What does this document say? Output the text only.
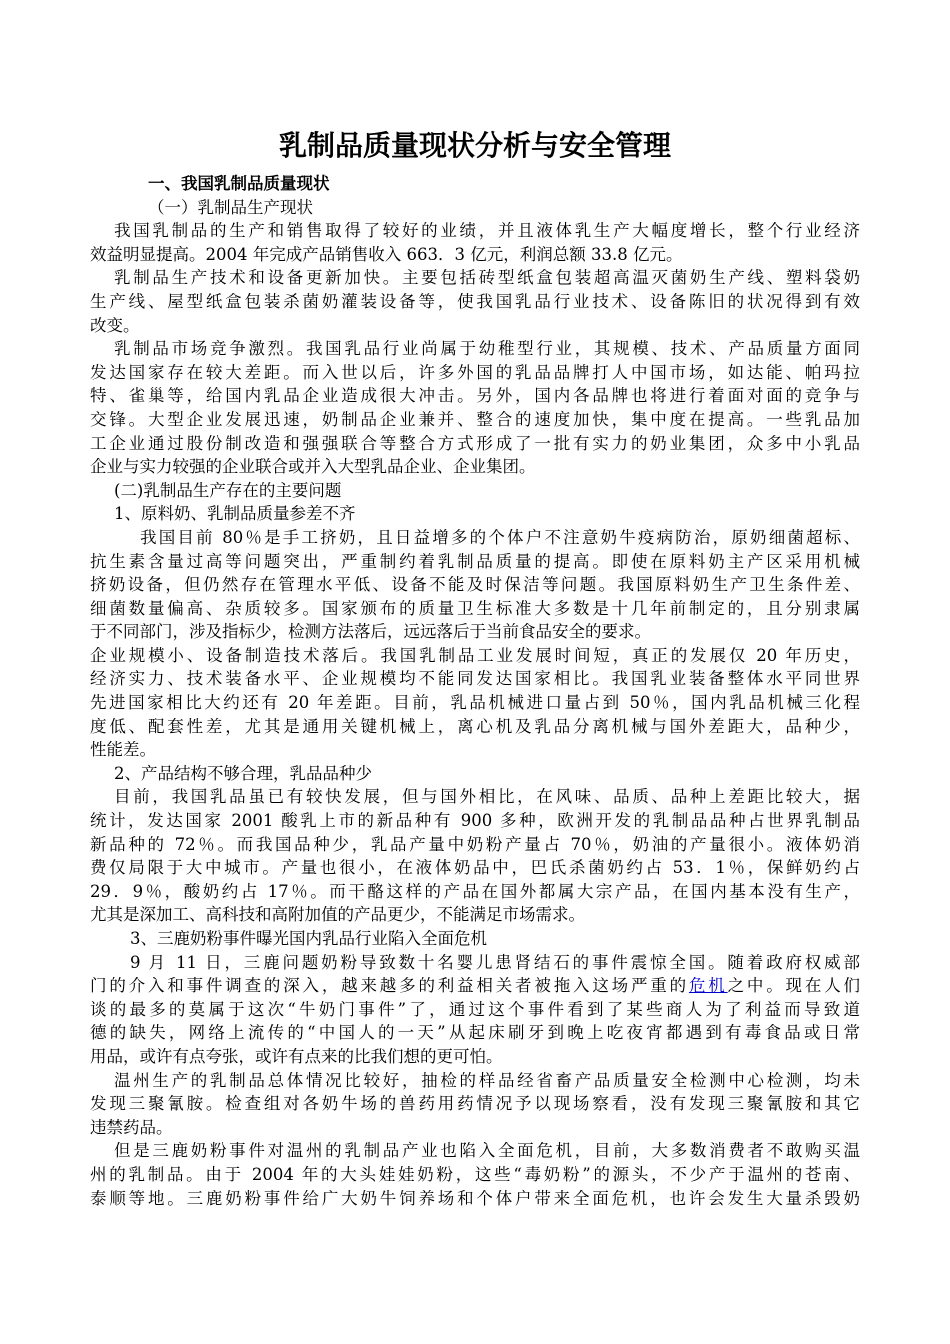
乳制品质量现状分析与安全管理
一、我国乳制品质量现状
（一）乳制品生产现状
我国乳制品的生产和销售取得了较好的业绩，并且液体乳生产大幅度增长，整个行业经济
效益明显提高。2004 年完成产品销售收入 663．3 亿元，利润总额 33.8 亿元。
乳制品生产技术和设备更新加快。主要包括砖型纸盒包装超高温灭菌奶生产线、塑料袋奶
生产线、屋型纸盒包装杀菌奶灌装设备等，使我国乳品行业技术、设备陈旧的状况得到有效
改变。
乳制品市场竞争激烈。我国乳品行业尚属于幼稚型行业，其规模、技术、产品质量方面同
发达国家存在较大差距。而入世以后，许多外国的乳品品牌打人中国市场，如达能、帕玛拉
特、雀巢等，给国内乳品企业造成很大冲击。另外，国内各品牌也将进行着面对面的竞争与
交锋。大型企业发展迅速，奶制品企业兼并、整合的速度加快，集中度在提高。一些乳品加
工企业通过股份制改造和强强联合等整合方式形成了一批有实力的奶业集团，众多中小乳品
企业与实力较强的企业联合或并入大型乳品企业、企业集团。
(二)乳制品生产存在的主要问题
1、原料奶、乳制品质量参差不齐
我国目前 80％是手工挤奶，且日益增多的个体户不注意奶牛疫病防治，原奶细菌超标、
抗生素含量过高等问题突出，严重制约着乳制品质量的提高。即使在原料奶主产区采用机械
挤奶设备，但仍然存在管理水平低、设备不能及时保洁等问题。我国原料奶生产卫生条件差、
细菌数量偏高、杂质较多。国家颁布的质量卫生标准大多数是十几年前制定的，且分别隶属
于不同部门，涉及指标少，检测方法落后，远远落后于当前食品安全的要求。
企业规模小、设备制造技术落后。我国乳制品工业发展时间短，真正的发展仅 20 年历史，
经济实力、技术装备水平、企业规模均不能同发达国家相比。我国乳业装备整体水平同世界
先进国家相比大约还有 20 年差距。目前，乳品机械进口量占到 50％，国内乳品机械三化程
度低、配套性差，尤其是通用关键机械上，离心机及乳品分离机械与国外差距大，品种少，
性能差。
2、产品结构不够合理，乳品品种少
目前，我国乳品虽已有较快发展，但与国外相比，在风味、品质、品种上差距比较大，据
统计，发达国家 2001 酸乳上市的新品种有 900 多种，欧洲开发的乳制品品种占世界乳制品
新品种的 72％。而我国品种少，乳品产量中奶粉产量占 70％，奶油的产量很小。液体奶消
费仅局限于大中城市。产量也很小，在液体奶品中，巴氏杀菌奶约占 53．1％，保鲜奶约占
29．9％，酸奶约占 17％。而干酪这样的产品在国外都属大宗产品，在国内基本没有生产，
尤其是深加工、高科技和高附加值的产品更少，不能满足市场需求。
3、三鹿奶粉事件曝光国内乳品行业陷入全面危机
9 月 11 日，三鹿问题奶粉导致数十名婴儿患肾结石的事件震惊全国。随着政府权威部
门的介入和事件调查的深入，越来越多的利益相关者被拖入这场严重的危机之中。现在人们
谈的最多的莫属于这次“牛奶门事件”了，通过这个事件看到了某些商人为了利益而导致道
德的缺失，网络上流传的“中国人的一天”从起床刷牙到晚上吃夜宵都遇到有毒食品或日常
用品，或许有点夸张，或许有点来的比我们想的更可怕。
温州生产的乳制品总体情况比较好，抽检的样品经省畜产品质量安全检测中心检测，均未
发现三聚氰胺。检查组对各奶牛场的兽药用药情况予以现场察看，没有发现三聚氰胺和其它
违禁药品。
但是三鹿奶粉事件对温州的乳制品产业也陷入全面危机，目前，大多数消费者不敢购买温
州的乳制品。由于 2004 年的大头娃娃奶粉，这些“毒奶粉”的源头，不少产于温州的苍南、
泰顺等地。三鹿奶粉事件给广大奶牛饲养场和个体户带来全面危机，也许会发生大量杀毁奶
